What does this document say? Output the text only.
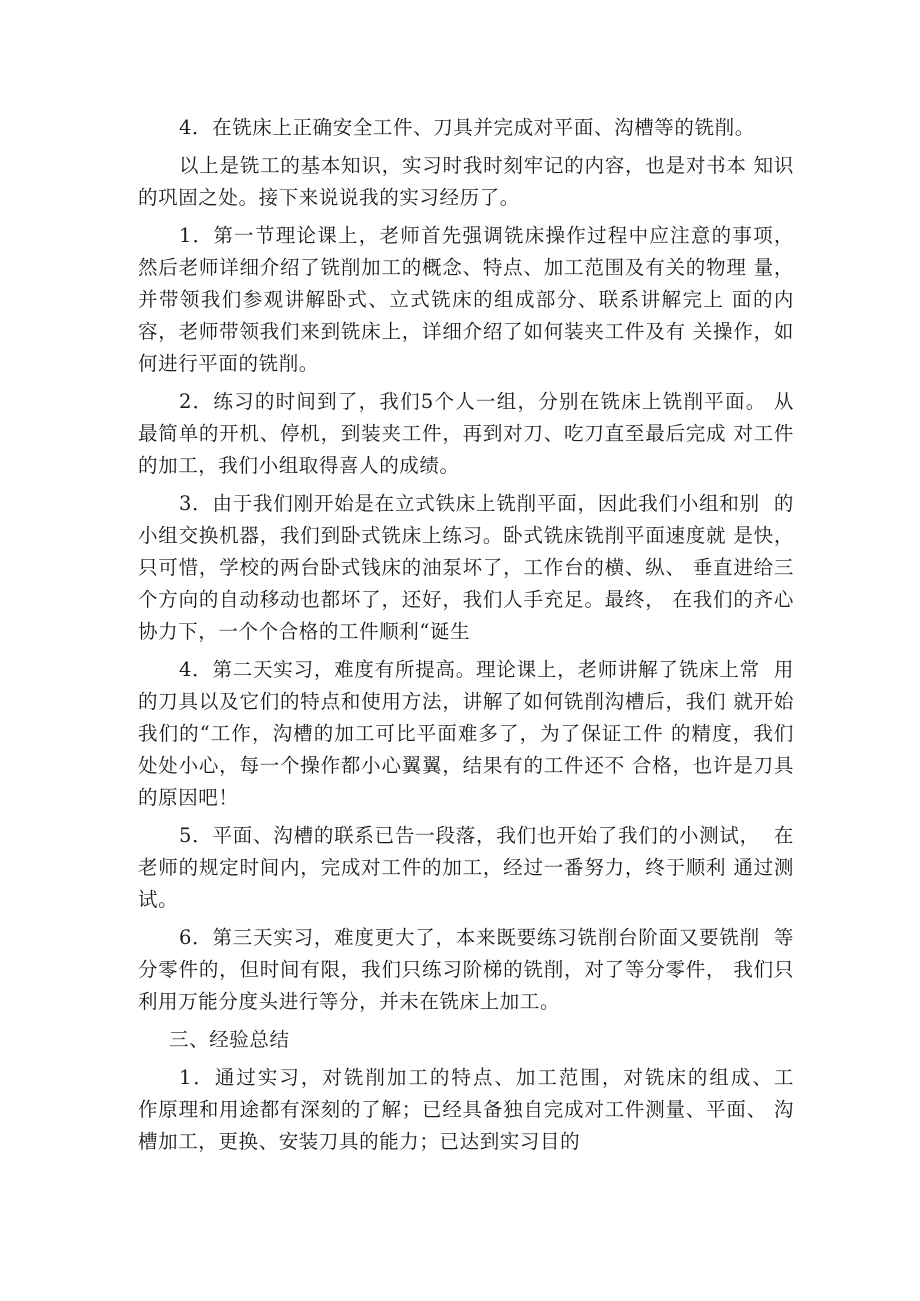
4．在铣床上正确安全工件、刀具并完成对平面、沟槽等的铣削。

以上是铣工的基本知识，实习时我时刻牢记的内容，也是对书本 知识的巩固之处。接下来说说我的实习经历了。

1．第一节理论课上，老师首先强调铣床操作过程中应注意的事项，然后老师详细介绍了铣削加工的概念、特点、加工范围及有关的物理 量，并带领我们参观讲解卧式、立式铣床的组成部分、联系讲解完上 面的内容，老师带领我们来到铣床上，详细介绍了如何装夹工件及有 关操作，如何进行平面的铣削。

2．练习的时间到了，我们5个人一组，分别在铣床上铣削平面。 从最简单的开机、停机，到装夹工件，再到对刀、吃刀直至最后完成 对工件的加工，我们小组取得喜人的成绩。

3．由于我们刚开始是在立式铁床上铣削平面，因此我们小组和别  的小组交换机器，我们到卧式铣床上练习。卧式铣床铣削平面速度就 是快，只可惜，学校的两台卧式钱床的油泵坏了，工作台的横、纵、 垂直进给三个方向的自动移动也都坏了，还好，我们人手充足。最终， 在我们的齐心协力下，一个个合格的工件顺利“诞生

4．第二天实习，难度有所提高。理论课上，老师讲解了铣床上常  用的刀具以及它们的特点和使用方法，讲解了如何铣削沟槽后，我们 就开始我们的“工作，沟槽的加工可比平面难多了，为了保证工件 的精度，我们处处小心，每一个操作都小心翼翼，结果有的工件还不 合格，也许是刀具的原因吧！

5．平面、沟槽的联系已告一段落，我们也开始了我们的小测试，  在老师的规定时间内，完成对工件的加工，经过一番努力，终于顺利 通过测试。

6．第三天实习，难度更大了，本来既要练习铣削台阶面又要铣削  等分零件的，但时间有限，我们只练习阶梯的铣削，对了等分零件， 我们只利用万能分度头进行等分，并未在铣床上加工。

三、经验总结

1．通过实习，对铣削加工的特点、加工范围，对铣床的组成、工   作原理和用途都有深刻的了解；已经具备独自完成对工件测量、平面、 沟槽加工，更换、安装刀具的能力；已达到实习目的
